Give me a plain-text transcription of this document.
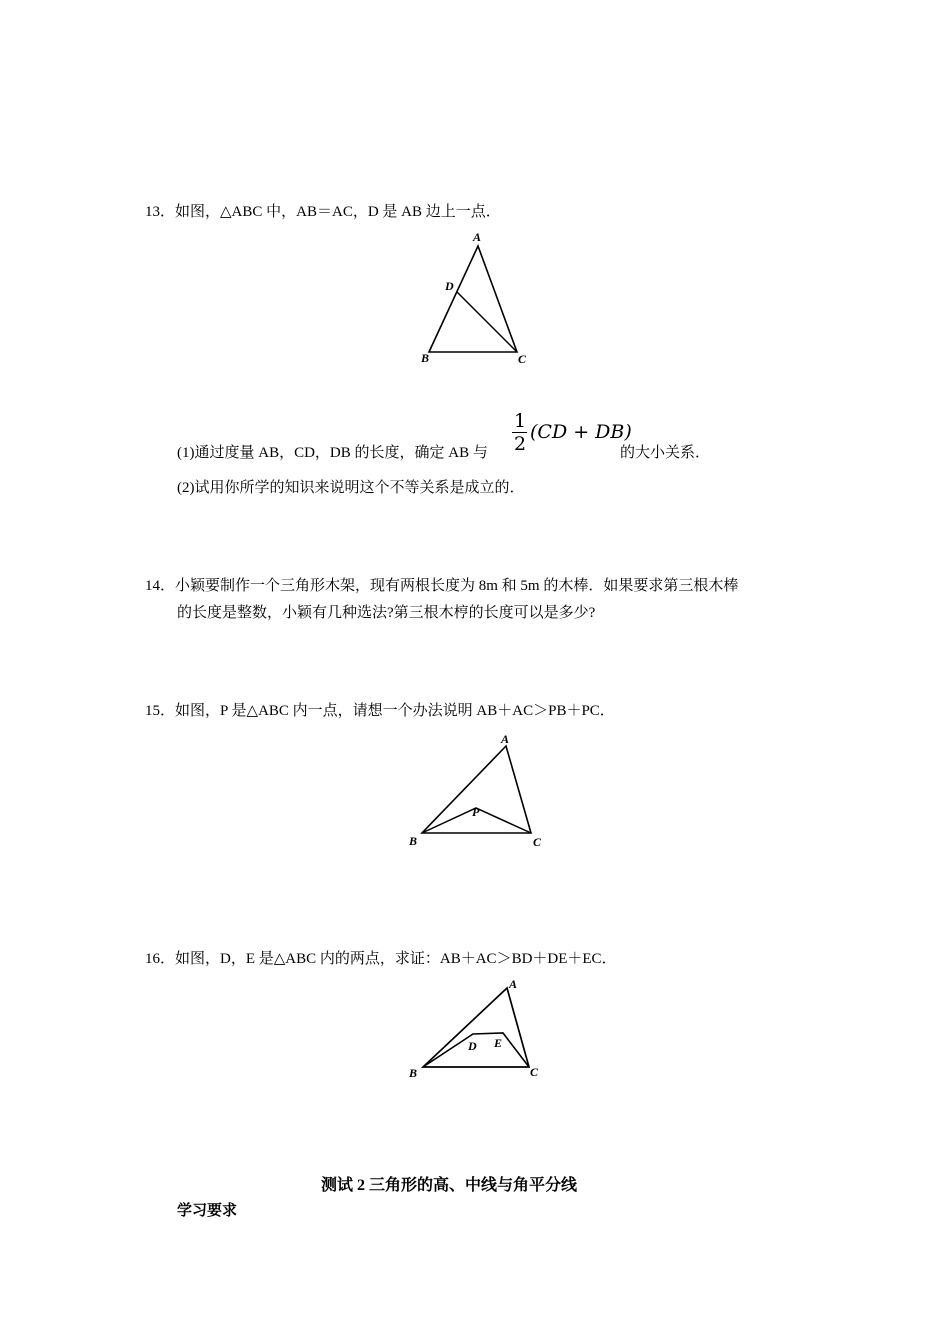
13．如图，△ABC 中，AB＝AC，D 是 AB 边上一点．
A
D
B	C
(1)通过度量 AB，CD，DB 的长度，确定 AB 与
1
2
(CD + DB)
的大小关系．
(2)试用你所学的知识来说明这个不等关系是成立的．
14．小颖要制作一个三角形木架，现有两根长度为 8m 和 5m 的木棒．如果要求第三根木棒
的长度是整数，小颖有几种选法?第三根木梈的长度可以是多少?
15．如图，P 是△ABC 内一点，请想一个办法说明 AB＋AC＞PB＋PC．
A
P
B	C
16．如图，D，E 是△ABC 内的两点，求证：AB＋AC＞BD＋DE＋EC．
A
D E
B	C
测试 2 三角形的高、中线与角平分线
学习要求
